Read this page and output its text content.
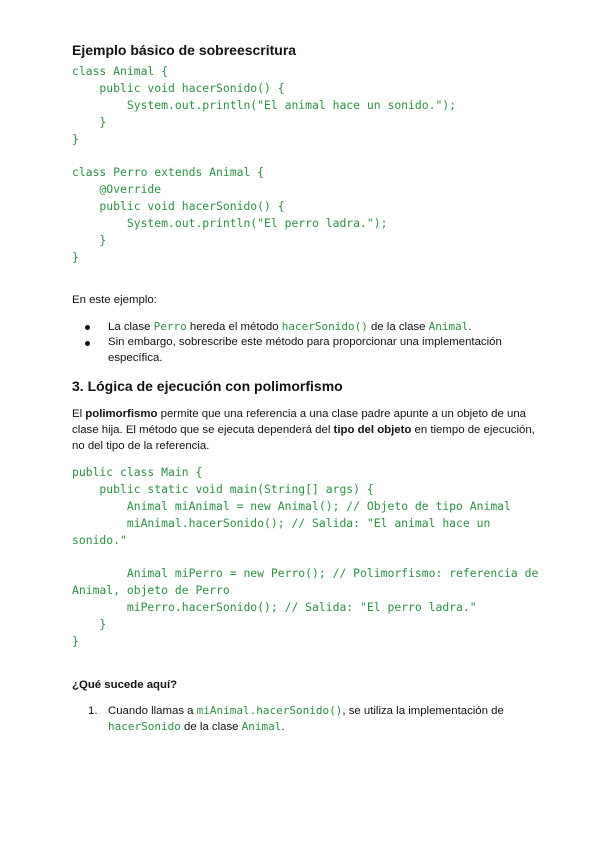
Ejemplo básico de sobreescritura
class Animal {
public void hacerSonido() {
System.out.println("El animal hace un sonido.");
}
}

class Perro extends Animal {
@Override
public void hacerSonido() {
System.out.println("El perro ladra.");
}
}
En este ejemplo:
La clase Perro hereda el método hacerSonido() de la clase Animal.
Sin embargo, sobrescribe este método para proporcionar una implementación
específica.
3. Lógica de ejecución con polimorfismo
El polimorfismo permite que una referencia a una clase padre apunte a un objeto de una
clase hija. El método que se ejecuta dependerá del tipo del objeto en tiempo de ejecución,
no del tipo de la referencia.
public class Main {
public static void main(String[] args) {
Animal miAnimal = new Animal(); // Objeto de tipo Animal
miAnimal.hacerSonido(); // Salida: "El animal hace un
sonido."

Animal miPerro = new Perro(); // Polimorfismo: referencia de
Animal, objeto de Perro
miPerro.hacerSonido(); // Salida: "El perro ladra."
}
}
¿Qué sucede aquí?
1. Cuando llamas a miAnimal.hacerSonido(), se utiliza la implementación de
hacerSonido de la clase Animal.
